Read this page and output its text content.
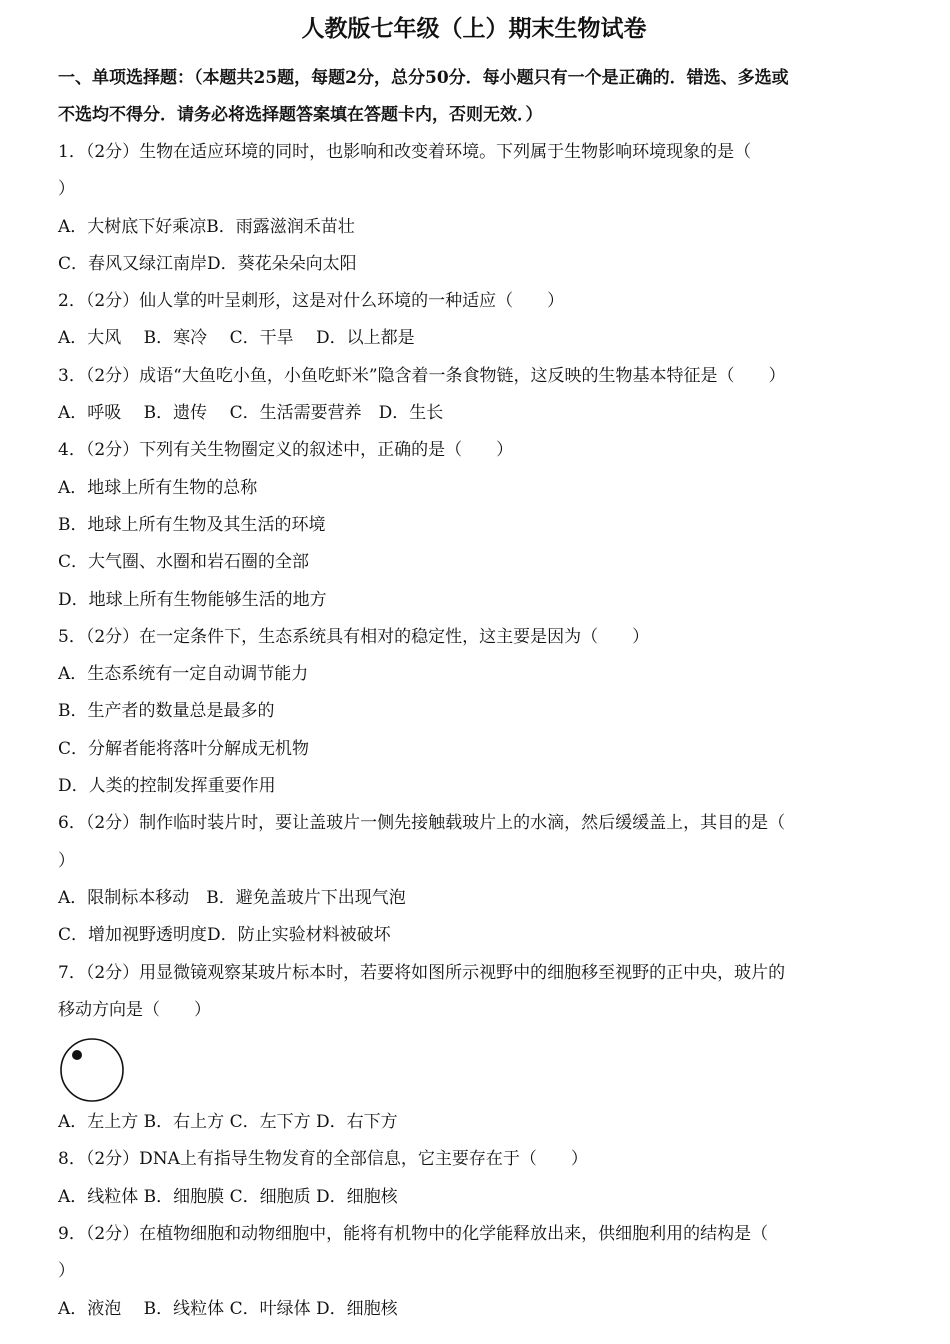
人教版七年级（上）期末生物试卷
一、单项选择题：（本题共25题，每题2分，总分50分．每小题只有一个是正确的．错选、多选或
不选均不得分．请务必将选择题答案填在答题卡内，否则无效．）
1．（2分）生物在适应环境的同时，也影响和改变着环境。下列属于生物影响环境现象的是（
）
A．大树底下好乘凉B．雨露滋润禾苗壮
C．春风又绿江南岸D．葵花朵朵向太阳
2．（2分）仙人掌的叶呈刺形，这是对什么环境的一种适应（　　）
A．大风　 B．寒冷　 C．干旱　 D．以上都是
3．（2分）成语“大鱼吃小鱼，小鱼吃虾米”隐含着一条食物链，这反映的生物基本特征是（　　）
A．呼吸　 B．遗传　 C．生活需要营养　D．生长
4．（2分）下列有关生物圈定义的叙述中，正确的是（　　）
A．地球上所有生物的总称
B．地球上所有生物及其生活的环境
C．大气圈、水圈和岩石圈的全部
D．地球上所有生物能够生活的地方
5．（2分）在一定条件下，生态系统具有相对的稳定性，这主要是因为（　　）
A．生态系统有一定自动调节能力
B．生产者的数量总是最多的
C．分解者能将落叶分解成无机物
D．人类的控制发挥重要作用
6．（2分）制作临时装片时，要让盖玻片一侧先接触载玻片上的水滴，然后缓缓盖上，其目的是（
）
A．限制标本移动　B．避免盖玻片下出现气泡
C．增加视野透明度D．防止实验材料被破坏
7．（2分）用显微镜观察某玻片标本时，若要将如图所示视野中的细胞移至视野的正中央，玻片的
移动方向是（　　）
A．左上方 B．右上方 C．左下方 D．右下方
8．（2分）DNA上有指导生物发育的全部信息，它主要存在于（　　）
A．线粒体 B．细胞膜 C．细胞质 D．细胞核
9．（2分）在植物细胞和动物细胞中，能将有机物中的化学能释放出来，供细胞利用的结构是（
）
A．液泡　 B．线粒体 C．叶绿体 D．细胞核
